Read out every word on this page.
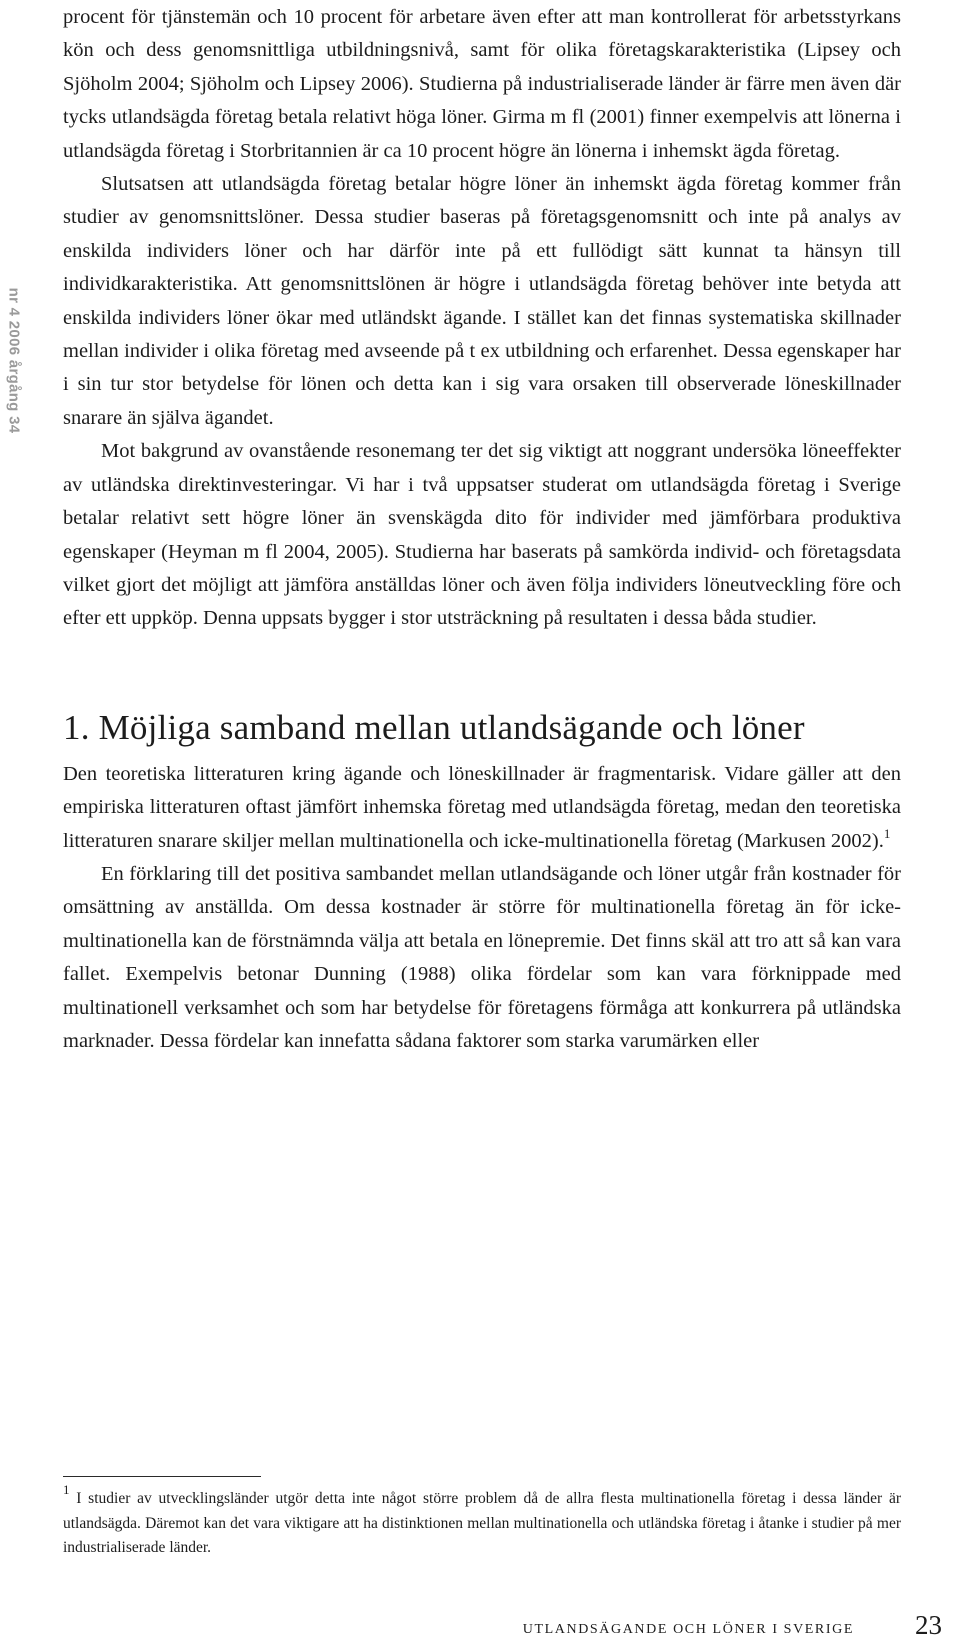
nr 4 2006 årgång 34

procent för tjänstemän och 10 procent för arbetare även efter att man kontrollerat för arbetsstyrkans kön och dess genomsnittliga utbildningsnivå, samt för olika företagskarakteristika (Lipsey och Sjöholm 2004; Sjöholm och Lipsey 2006). Studierna på industrialiserade länder är färre men även där tycks utlandsägda företag betala relativt höga löner. Girma m fl (2001) finner exempelvis att lönerna i utlandsägda företag i Storbritannien är ca 10 procent högre än lönerna i inhemskt ägda företag.

Slutsatsen att utlandsägda företag betalar högre löner än inhemskt ägda företag kommer från studier av genomsnittslöner. Dessa studier baseras på företagsgenomsnitt och inte på analys av enskilda individers löner och har därför inte på ett fullödigt sätt kunnat ta hänsyn till individkarakteristika. Att genomsnittslönen är högre i utlandsägda företag behöver inte betyda att enskilda individers löner ökar med utländskt ägande. I stället kan det finnas systematiska skillnader mellan individer i olika företag med avseende på t ex utbildning och erfarenhet. Dessa egenskaper har i sin tur stor betydelse för lönen och detta kan i sig vara orsaken till observerade löneskillnader snarare än själva ägandet.

Mot bakgrund av ovanstående resonemang ter det sig viktigt att noggrant undersöka löneeffekter av utländska direktinvesteringar. Vi har i två uppsatser studerat om utlandsägda företag i Sverige betalar relativt sett högre löner än svenskägda dito för individer med jämförbara produktiva egenskaper (Heyman m fl 2004, 2005). Studierna har baserats på samkörda individ- och företagsdata vilket gjort det möjligt att jämföra anställdas löner och även följa individers löneutveckling före och efter ett uppköp. Denna uppsats bygger i stor utsträckning på resultaten i dessa båda studier.

1. Möjliga samband mellan utlandsägande och löner

Den teoretiska litteraturen kring ägande och löneskillnader är fragmentarisk. Vidare gäller att den empiriska litteraturen oftast jämfört inhemska företag med utlandsägda företag, medan den teoretiska litteraturen snarare skiljer mellan multinationella och icke-multinationella företag (Markusen 2002).$^1$

En förklaring till det positiva sambandet mellan utlandsägande och löner utgår från kostnader för omsättning av anställda. Om dessa kostnader är större för multinationella företag än för icke-multinationella kan de förstnämnda välja att betala en lönepremie. Det finns skäl att tro att så kan vara fallet. Exempelvis betonar Dunning (1988) olika fördelar som kan vara förknippade med multinationell verksamhet och som har betydelse för företagens förmåga att konkurrera på utländska marknader. Dessa fördelar kan innefatta sådana faktorer som starka varumärken eller

$^1$ I studier av utvecklingsländer utgör detta inte något större problem då de allra flesta multinationella företag i dessa länder är utlandsägda. Däremot kan det vara viktigare att ha distinktionen mellan multinationella och utländska företag i åtanke i studier på mer industrialiserade länder.

UTLANDSÄGANDE OCH LÖNER I SVERIGE 23
